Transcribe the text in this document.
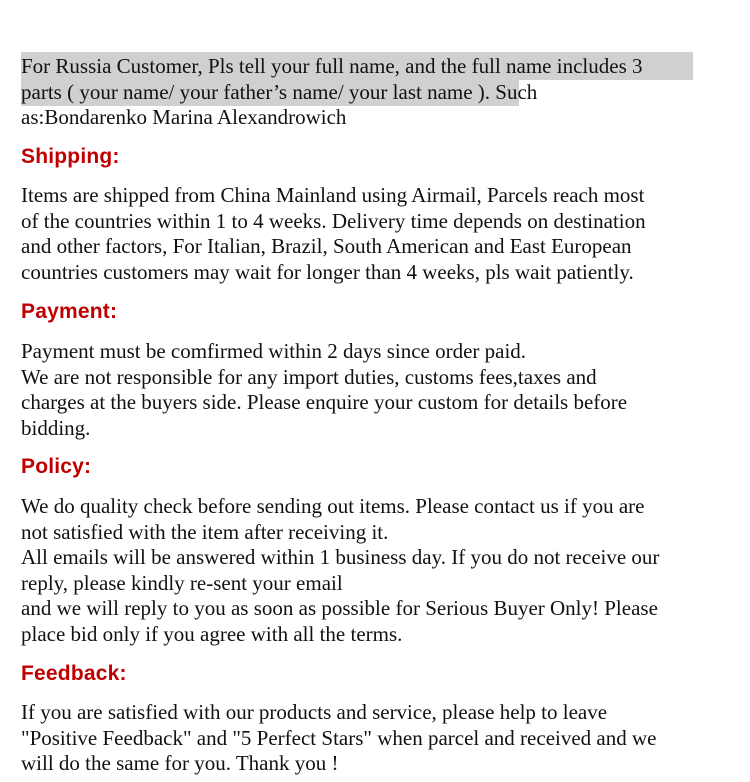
For Russia Customer, Pls tell your full name, and the full name includes 3
parts ( your name/ your father’s name/ your last name ). Such
as:Bondarenko Marina Alexandrowich

Shipping:

Items are shipped from China Mainland using Airmail, Parcels reach most
of the countries within 1 to 4 weeks. Delivery time depends on destination
and other factors, For Italian, Brazil, South American and East European
countries customers may wait for longer than 4 weeks, pls wait patiently.

Payment:

Payment must be comfirmed within 2 days since order paid.
We are not responsible for any import duties, customs fees,taxes and
charges at the buyers side. Please enquire your custom for details before
bidding.

Policy:

We do quality check before sending out items. Please contact us if you are
not satisfied with the item after receiving it.
All emails will be answered within 1 business day. If you do not receive our
reply, please kindly re-sent your email
and we will reply to you as soon as possible for Serious Buyer Only! Please
place bid only if you agree with all the terms.

Feedback:

If you are satisfied with our products and service, please help to leave
"Positive Feedback" and "5 Perfect Stars" when parcel and received and we
will do the same for you. Thank you !
